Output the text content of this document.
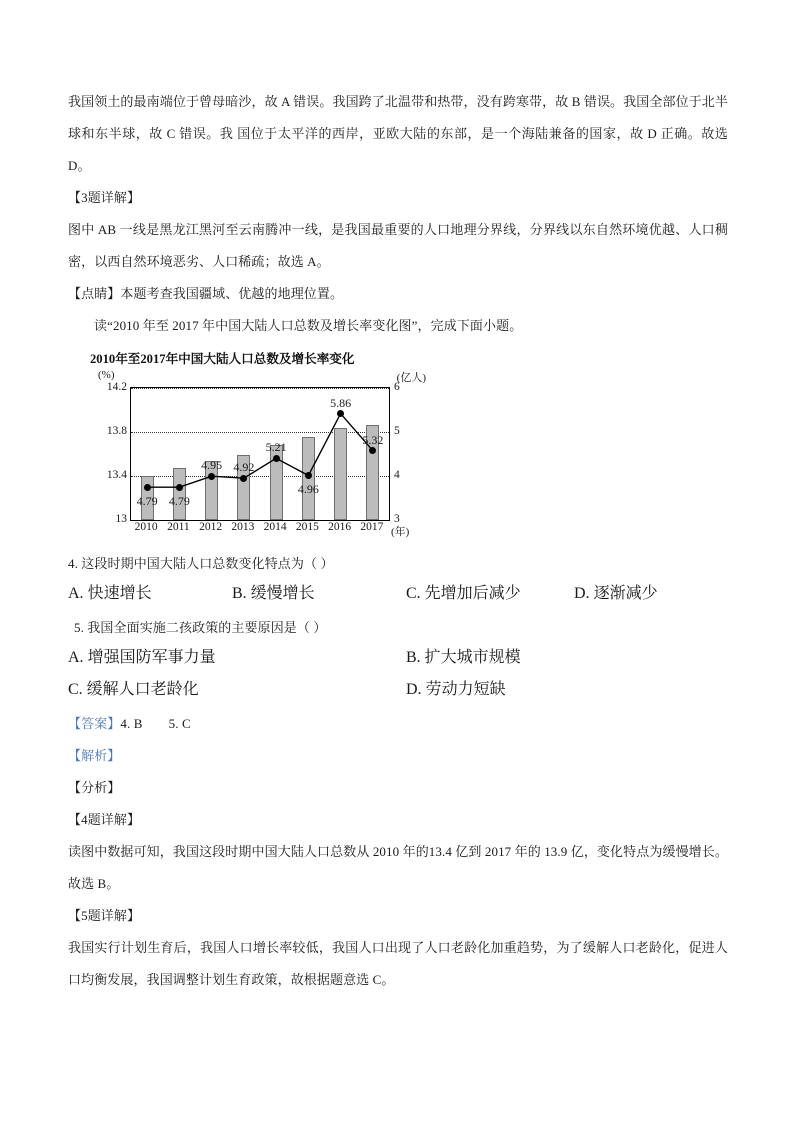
我国领土的最南端位于曾母暗沙，故 A 错误。我国跨了北温带和热带，没有跨寒带，故 B 错误。我国全部位于北半球和东半球，故 C 错误。我 国位于太平洋的西岸，亚欧大陆的东部，是一个海陆兼备的国家，故 D 正确。故选 D。

【3题详解】

图中 AB 一线是黑龙江黑河至云南腾冲一线，是我国最重要的人口地理分界线，分界线以东自然环境优越、人口稠密，以西自然环境恶劣、人口稀疏；故选 A。

【点睛】本题考查我国疆域、优越的地理位置。

读“2010 年至 2017 年中国大陆人口总数及增长率变化图”，完成下面小题。

2010年至2017年中国大陆人口总数及增长率变化
(%)	(亿人)
13	3
13.4	4
13.8	5
14.2	6
4.79 4.79
4.95 4.92
5.21
4.96
5.86
5.32
2010 2011 2012 2013 2014 2015 2016 2017 (年)

4. 这段时期中国大陆人口总数变化特点为（ ）

A. 快速增长	B. 缓慢增长	C. 先增加后减少	D. 逐渐减少

5. 我国全面实施二孩政策的主要原因是（ ）

A. 增强国防军事力量	B. 扩大城市规模
C. 缓解人口老龄化	D. 劳动力短缺

【答案】4. B　　5. C

【解析】

【分析】

【4题详解】

读图中数据可知，我国这段时期中国大陆人口总数从 2010 年的13.4 亿到 2017 年的 13.9 亿，变化特点为缓慢增长。故选 B。

【5题详解】

我国实行计划生育后，我国人口增长率较低，我国人口出现了人口老龄化加重趋势，为了缓解人口老龄化，促进人口均衡发展，我国调整计划生育政策，故根据题意选 C。
